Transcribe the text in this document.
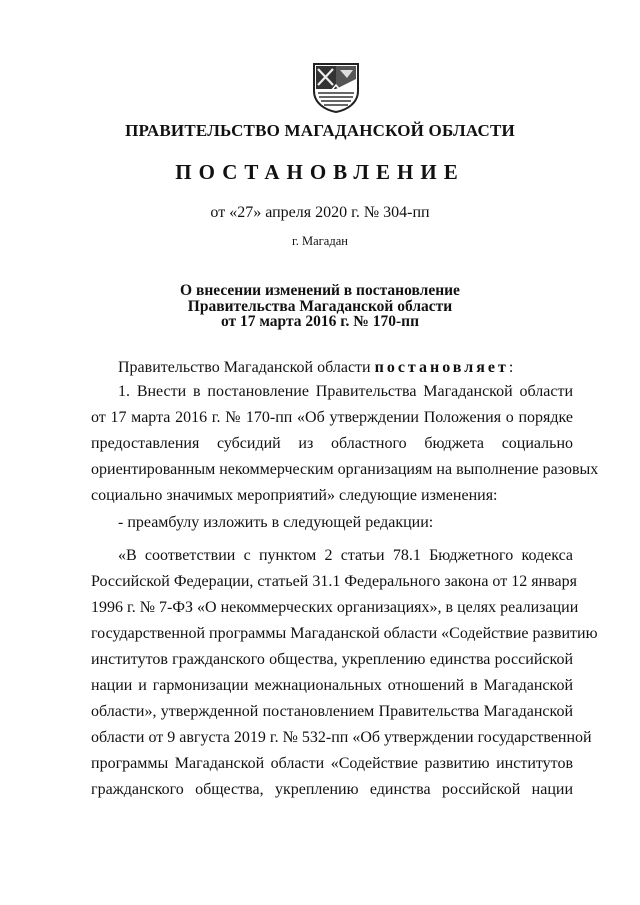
ПРАВИТЕЛЬСТВО МАГАДАНСКОЙ ОБЛАСТИ
ПОСТАНОВЛЕНИЕ
от «27» апреля 2020 г. № 304-пп
г. Магадан
О внесении изменений в постановление
Правительства Магаданской области
от 17 марта 2016 г. № 170-пп
Правительство Магаданской области постановляет:
1. Внести в постановление Правительства Магаданской области
от 17 марта 2016 г. № 170-пп «Об утверждении Положения о порядке
предоставления субсидий из областного бюджета социально
ориентированным некоммерческим организациям на выполнение разовых
социально значимых мероприятий» следующие изменения:
- преамбулу изложить в следующей редакции:
«В соответствии с пунктом 2 статьи 78.1 Бюджетного кодекса
Российской Федерации, статьей 31.1 Федерального закона от 12 января
1996 г. № 7-ФЗ «О некоммерческих организациях», в целях реализации
государственной программы Магаданской области «Содействие развитию
институтов гражданского общества, укреплению единства российской
нации и гармонизации межнациональных отношений в Магаданской
области», утвержденной постановлением Правительства Магаданской
области от 9 августа 2019 г. № 532-пп «Об утверждении государственной
программы Магаданской области «Содействие развитию институтов
гражданского общества, укреплению единства российской нации
